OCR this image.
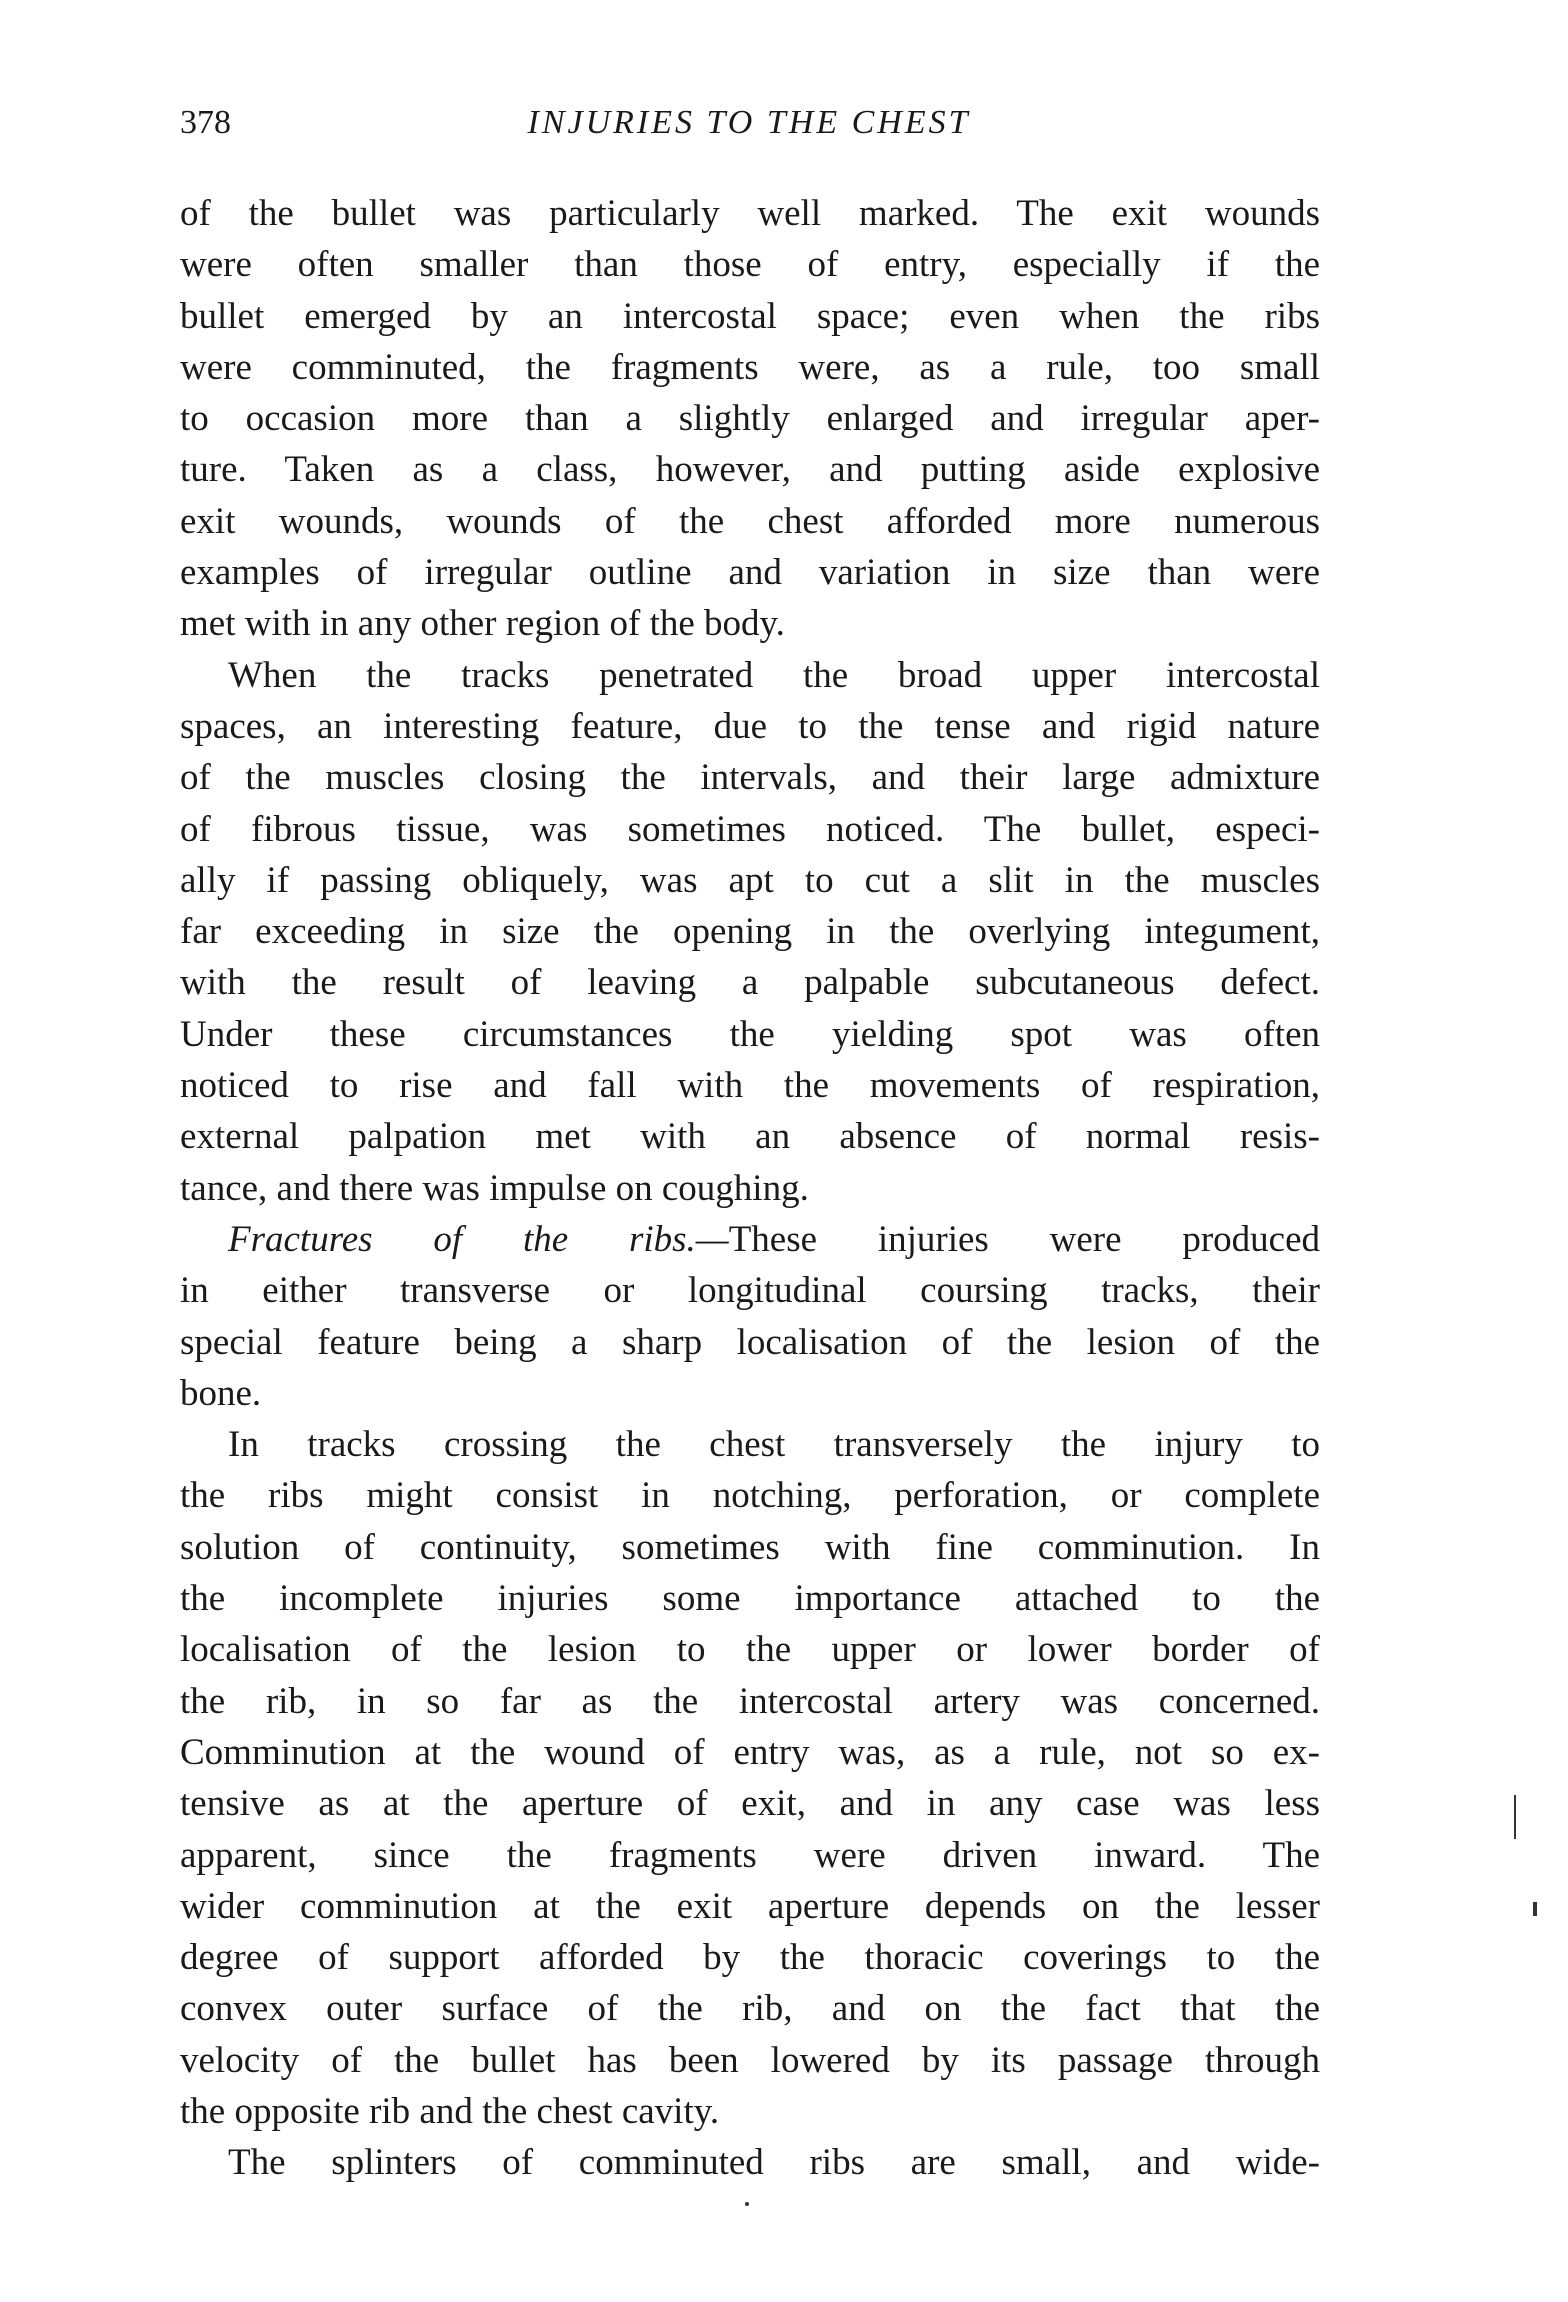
378	INJURIES TO THE CHEST
of the bullet was particularly well marked. The exit wounds
were often smaller than those of entry, especially if the
bullet emerged by an intercostal space; even when the ribs
were comminuted, the fragments were, as a rule, too small
to occasion more than a slightly enlarged and irregular aper-
ture. Taken as a class, however, and putting aside explosive
exit wounds, wounds of the chest afforded more numerous
examples of irregular outline and variation in size than were
met with in any other region of the body.
When the tracks penetrated the broad upper intercostal
spaces, an interesting feature, due to the tense and rigid nature
of the muscles closing the intervals, and their large admixture
of fibrous tissue, was sometimes noticed. The bullet, especi-
ally if passing obliquely, was apt to cut a slit in the muscles
far exceeding in size the opening in the overlying integument,
with the result of leaving a palpable subcutaneous defect.
Under these circumstances the yielding spot was often
noticed to rise and fall with the movements of respiration,
external palpation met with an absence of normal resis-
tance, and there was impulse on coughing.
Fractures of the ribs.—These injuries were produced
in either transverse or longitudinal coursing tracks, their
special feature being a sharp localisation of the lesion of the
bone.
In tracks crossing the chest transversely the injury to
the ribs might consist in notching, perforation, or complete
solution of continuity, sometimes with fine comminution. In
the incomplete injuries some importance attached to the
localisation of the lesion to the upper or lower border of
the rib, in so far as the intercostal artery was concerned.
Comminution at the wound of entry was, as a rule, not so ex-
tensive as at the aperture of exit, and in any case was less
apparent, since the fragments were driven inward. The
wider comminution at the exit aperture depends on the lesser
degree of support afforded by the thoracic coverings to the
convex outer surface of the rib, and on the fact that the
velocity of the bullet has been lowered by its passage through
the opposite rib and the chest cavity.
The splinters of comminuted ribs are small, and wide-
